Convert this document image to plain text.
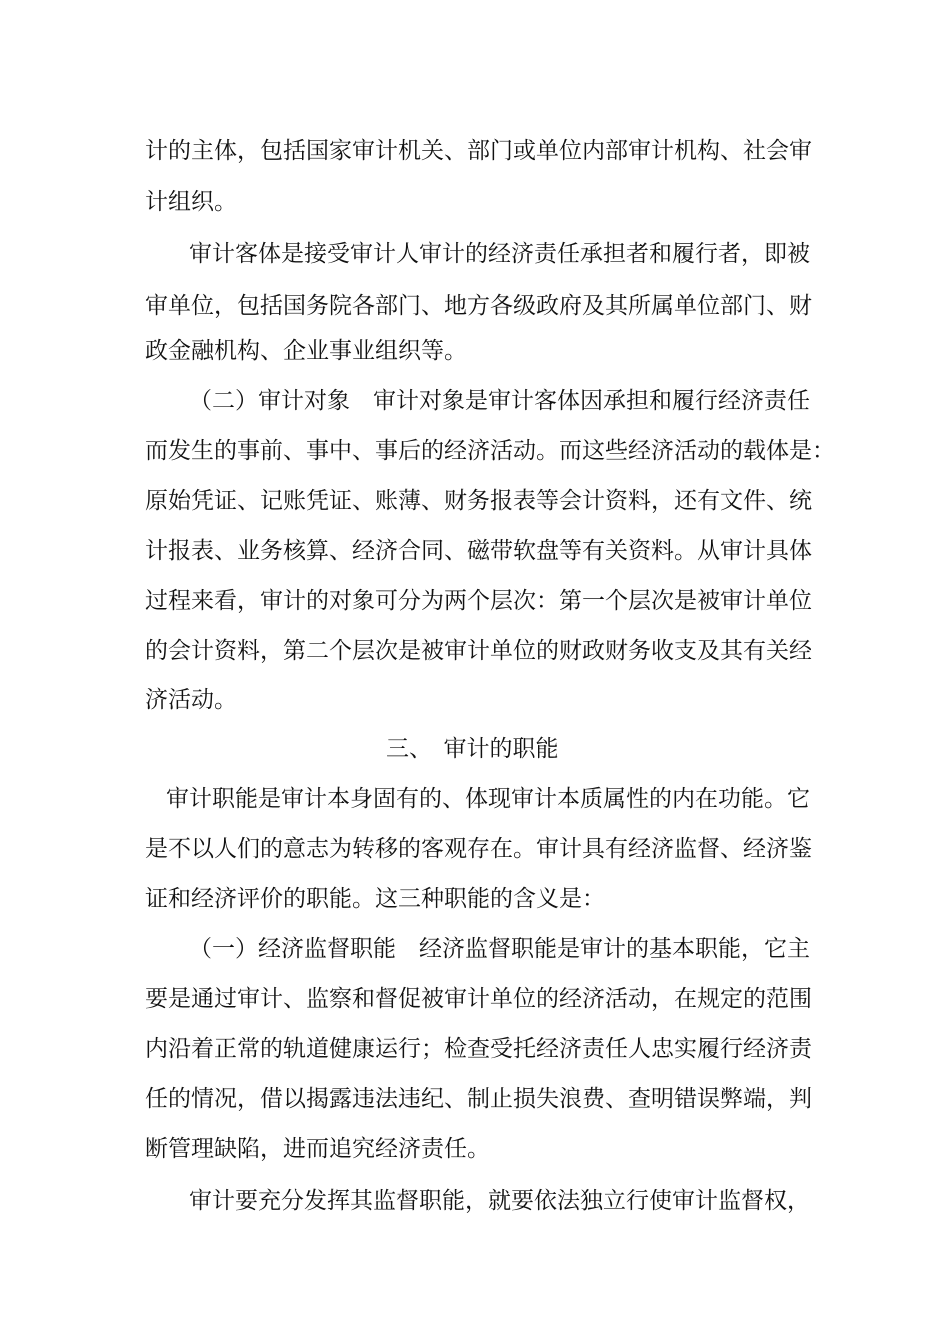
计的主体，包括国家审计机关、部门或单位内部审计机构、社会审

计组织。

审计客体是接受审计人审计的经济责任承担者和履行者，即被

审单位，包括国务院各部门、地方各级政府及其所属单位部门、财

政金融机构、企业事业组织等。

（二）审计对象　审计对象是审计客体因承担和履行经济责任

而发生的事前、事中、事后的经济活动。而这些经济活动的载体是：

原始凭证、记账凭证、账薄、财务报表等会计资料，还有文件、统

计报表、业务核算、经济合同、磁带软盘等有关资料。从审计具体

过程来看，审计的对象可分为两个层次：第一个层次是被审计单位

的会计资料，第二个层次是被审计单位的财政财务收支及其有关经

济活动。

三、　审计的职能

审计职能是审计本身固有的、体现审计本质属性的内在功能。它

是不以人们的意志为转移的客观存在。审计具有经济监督、经济鉴

证和经济评价的职能。这三种职能的含义是：

（一）经济监督职能　经济监督职能是审计的基本职能，它主

要是通过审计、监察和督促被审计单位的经济活动，在规定的范围

内沿着正常的轨道健康运行；检查受托经济责任人忠实履行经济责

任的情况，借以揭露违法违纪、制止损失浪费、查明错误弊端，判

断管理缺陷，进而追究经济责任。

审计要充分发挥其监督职能，就要依法独立行使审计监督权，
